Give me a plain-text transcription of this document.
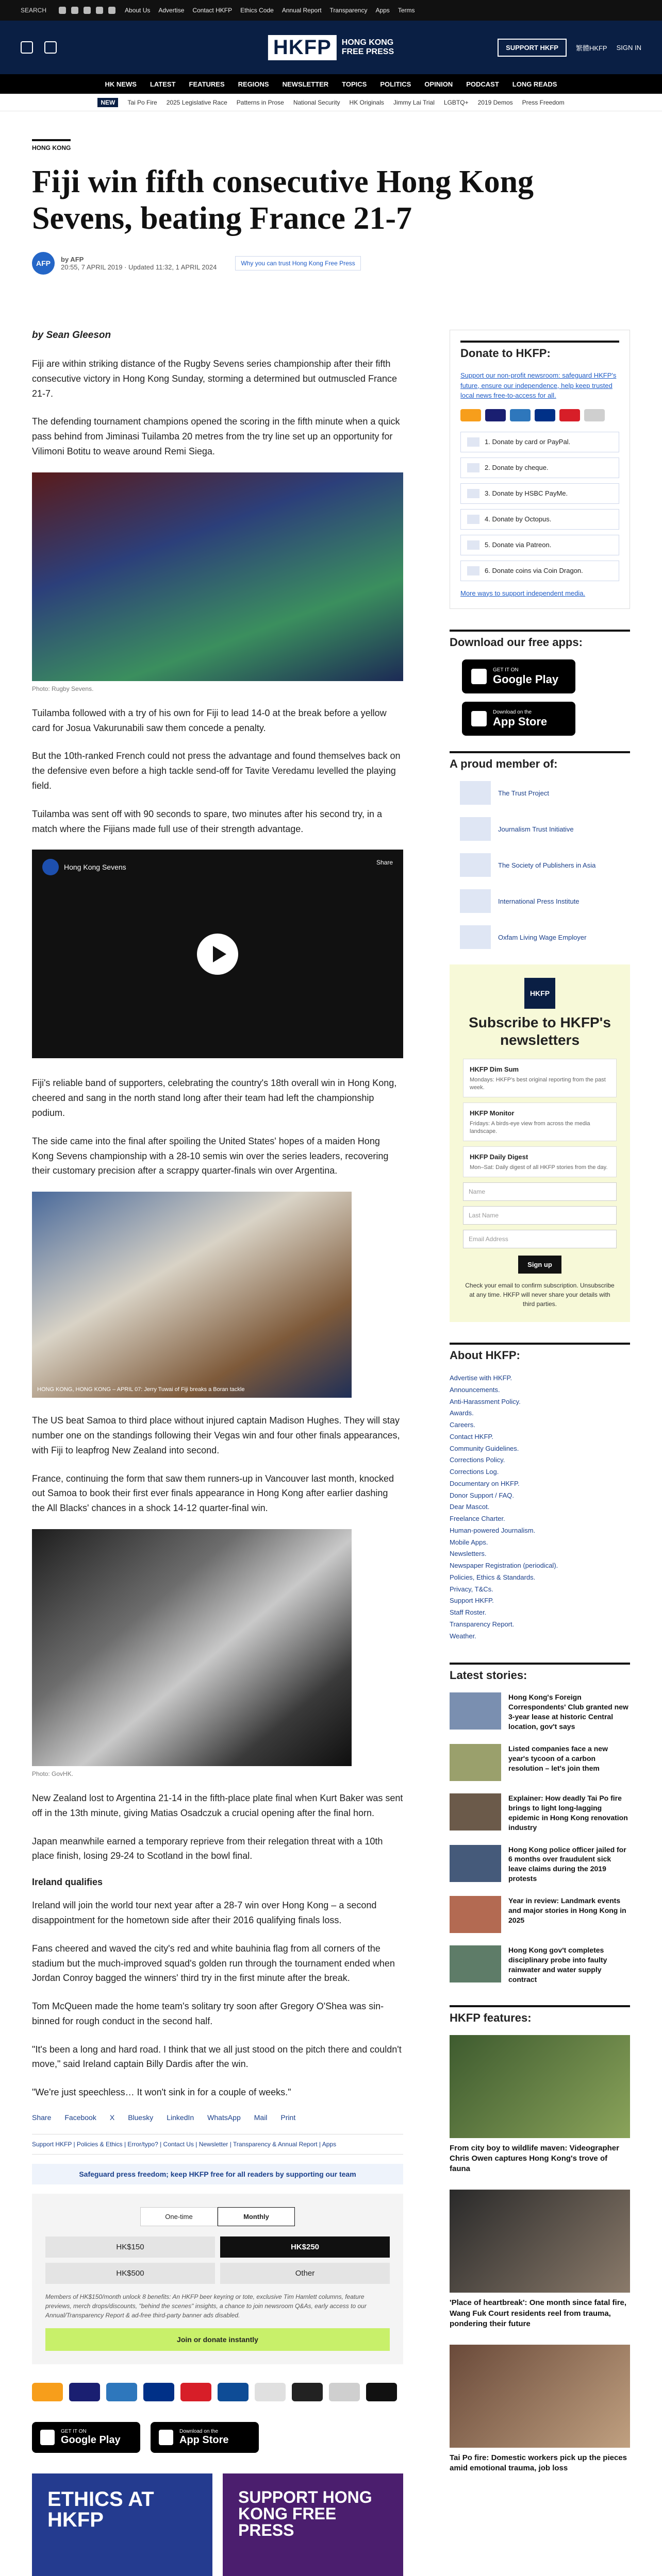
SEARCH	About Us Advertise Contact HKFP Ethics Code Annual Report Transparency Apps Terms
HKFP	HONG KONG
FREE PRESS	SUPPORT HKFP	繁體HKFP SIGN IN
HK NEWS LATEST FEATURES REGIONS NEWSLETTER TOPICS POLITICS OPINION PODCAST LONG READS
NEW	Tai Po Fire 2025 Legislative Race Patterns in Prose National Security HK Originals Jimmy Lai Trial LGBTQ+ 2019 Demos Press Freedom
HONG KONG
Fiji win fifth consecutive Hong Kong Sevens, beating France 21-7
AFP	by AFP
20:55, 7 APRIL 2019 · Updated 11:32, 1 APRIL 2024	Why you can trust Hong Kong Free Press
by Sean Gleeson

Fiji are within striking distance of the Rugby Sevens series championship after their fifth consecutive victory in Hong Kong Sunday, storming a determined but outmuscled France 21-7.

The defending tournament champions opened the scoring in the fifth minute when a quick pass behind from Jiminasi Tuilamba 20 metres from the try line set up an opportunity for Vilimoni Botitu to weave around Remi Siega.

Photo: Rugby Sevens.

Tuilamba followed with a try of his own for Fiji to lead 14-0 at the break before a yellow card for Josua Vakurunabili saw them concede a penalty.

But the 10th-ranked French could not press the advantage and found themselves back on the defensive even before a high tackle send-off for Tavite Veredamu levelled the playing field.

Tuilamba was sent off with 90 seconds to spare, two minutes after his second try, in a match where the Fijians made full use of their strength advantage.

Hong Kong Sevens
Share

Fiji's reliable band of supporters, celebrating the country's 18th overall win in Hong Kong, cheered and sang in the north stand long after their team had left the championship podium.

The side came into the final after spoiling the United States' hopes of a maiden Hong Kong Sevens championship with a 28-10 semis win over the series leaders, recovering their customary precision after a scrappy quarter-finals win over Argentina.

HONG KONG, HONG KONG – APRIL 07: Jerry Tuwai of Fiji breaks a Boran tackle

The US beat Samoa to third place without injured captain Madison Hughes. They will stay number one on the standings following their Vegas win and four other finals appearances, with Fiji to leapfrog New Zealand into second.

France, continuing the form that saw them runners-up in Vancouver last month, knocked out Samoa to book their first ever finals appearance in Hong Kong after earlier dashing the All Blacks' chances in a shock 14-12 quarter-final win.

Photo: GovHK.

New Zealand lost to Argentina 21-14 in the fifth-place plate final when Kurt Baker was sent off in the 13th minute, giving Matias Osadczuk a crucial opening after the final horn.

Japan meanwhile earned a temporary reprieve from their relegation threat with a 10th place finish, losing 29-24 to Scotland in the bowl final.

Ireland qualifies

Ireland will join the world tour next year after a 28-7 win over Hong Kong – a second disappointment for the hometown side after their 2016 qualifying finals loss.

Fans cheered and waved the city's red and white bauhinia flag from all corners of the stadium but the much-improved squad's golden run through the tournament ended when Jordan Conroy bagged the winners' third try in the first minute after the break.

Tom McQueen made the home team's solitary try soon after Gregory O'Shea was sin-binned for rough conduct in the second half.

"It's been a long and hard road. I think that we all just stood on the pitch there and couldn't move," said Ireland captain Billy Dardis after the win.

"We're just speechless… It won't sink in for a couple of weeks."

Share Facebook X Bluesky LinkedIn WhatsApp Mail Print
Support HKFP | Policies & Ethics | Error/typo? | Contact Us | Newsletter | Transparency & Annual Report | Apps
Safeguard press freedom; keep HKFP free for all readers by supporting our team
One-time	Monthly
HK$150	HK$250
HK$500	Other
Members of HK$150/month unlock 8 benefits: An HKFP beer keyring or tote, exclusive Tim Hamlett columns, feature previews, merch drops/discounts, "behind the scenes" insights, a chance to join newsroom Q&As, early access to our Annual/Transparency Report & ad-free third-party banner ads disabled.
Join or donate instantly
GET IT ON
Google Play
Download on the
App Store
ETHICS AT HKFP
SUPPORT HONG KONG FREE PRESS
Donate to HKFP:
Support our non-profit newsroom: safeguard HKFP's future, ensure our independence, help keep trusted local news free-to-access for all.
1. Donate by card or PayPal.
2. Donate by cheque.
3. Donate by HSBC PayMe.
4. Donate by Octopus.
5. Donate via Patreon.
6. Donate coins via Coin Dragon.
More ways to support independent media.
Download our free apps:
GET IT ON
Google Play
Download on the
App Store
A proud member of:
The Trust Project
Journalism Trust Initiative
The Society of Publishers in Asia
International Press Institute
Oxfam Living Wage Employer
HKFP
Subscribe to HKFP's newsletters
HKFP Dim Sum
Mondays: HKFP's best original reporting from the past week.
HKFP Monitor
Fridays: A birds-eye view from across the media landscape.
HKFP Daily Digest
Mon–Sat: Daily digest of all HKFP stories from the day.
Name
Last Name
Email Address
Sign up
Check your email to confirm subscription. Unsubscribe at any time. HKFP will never share your details with third parties.
About HKFP:
Advertise with HKFP.
Announcements.
Anti-Harassment Policy.
Awards.
Careers.
Contact HKFP.
Community Guidelines.
Corrections Policy.
Corrections Log.
Documentary on HKFP.
Donor Support / FAQ.
Dear Mascot.
Freelance Charter.
Human-powered Journalism.
Mobile Apps.
Newsletters.
Newspaper Registration (periodical).
Policies, Ethics & Standards.
Privacy, T&Cs.
Support HKFP.
Staff Roster.
Transparency Report.
Weather.
Latest stories:
Hong Kong's Foreign Correspondents' Club granted new 3-year lease at historic Central location, gov't says
Listed companies face a new year's tycoon of a carbon resolution – let's join them
Explainer: How deadly Tai Po fire brings to light long-lagging epidemic in Hong Kong renovation industry
Hong Kong police officer jailed for 6 months over fraudulent sick leave claims during the 2019 protests
Year in review: Landmark events and major stories in Hong Kong in 2025
Hong Kong gov't completes disciplinary probe into faulty rainwater and water supply contract
HKFP features:
From city boy to wildlife maven: Videographer Chris Owen captures Hong Kong's trove of fauna
'Place of heartbreak': One month since fatal fire, Wang Fuk Court residents reel from trauma, pondering their future
Tai Po fire: Domestic workers pick up the pieces amid emotional trauma, job loss
